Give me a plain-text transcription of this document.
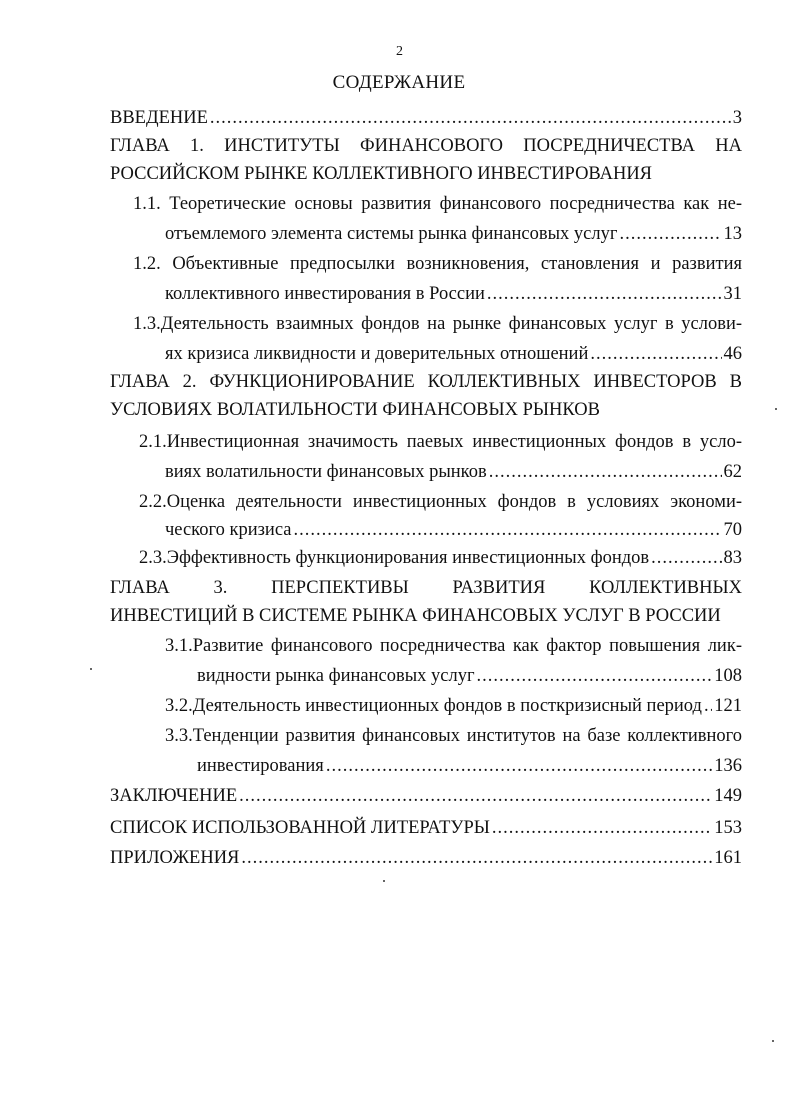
2
СОДЕРЖАНИЕ
ВВЕДЕНИЕ .....	3
ГЛАВА 1. ИНСТИТУТЫ ФИНАНСОВОГО ПОСРЕДНИЧЕСТВА НА
РОССИЙСКОМ РЫНКЕ КОЛЛЕКТИВНОГО ИНВЕСТИРОВАНИЯ
1.1. Теоретические основы развития финансового посредничества как не-
отъемлемого элемента системы рынка финансовых услуг .....	13
1.2. Объективные предпосылки возникновения, становления и развития
коллективного инвестирования в России .....	31
1.3.Деятельность взаимных фондов на рынке финансовых услуг в услови-
ях кризиса ликвидности и доверительных отношений .....	46
ГЛАВА 2. ФУНКЦИОНИРОВАНИЕ КОЛЛЕКТИВНЫХ ИНВЕСТОРОВ В
УСЛОВИЯХ ВОЛАТИЛЬНОСТИ ФИНАНСОВЫХ РЫНКОВ
2.1.Инвестиционная значимость паевых инвестиционных фондов в усло-
виях волатильности финансовых рынков .....	62
2.2.Оценка деятельности инвестиционных фондов в условиях экономи-
ческого кризиса .....	70
2.3.Эффективность функционирования инвестиционных фондов .....	83
ГЛАВА 3. ПЕРСПЕКТИВЫ РАЗВИТИЯ КОЛЛЕКТИВНЫХ
ИНВЕСТИЦИЙ В СИСТЕМЕ РЫНКА ФИНАНСОВЫХ УСЛУГ В РОССИИ
3.1.Развитие финансового посредничества как фактор повышения лик-
видности рынка финансовых услуг .....	108
3.2.Деятельность инвестиционных фондов в посткризисный период ..... 121
3.3.Тенденции развития финансовых институтов на базе коллективного
инвестирования .....	136
ЗАКЛЮЧЕНИЕ .....	149
СПИСОК ИСПОЛЬЗОВАННОЙ ЛИТЕРАТУРЫ .....	153
ПРИЛОЖЕНИЯ .....	161
